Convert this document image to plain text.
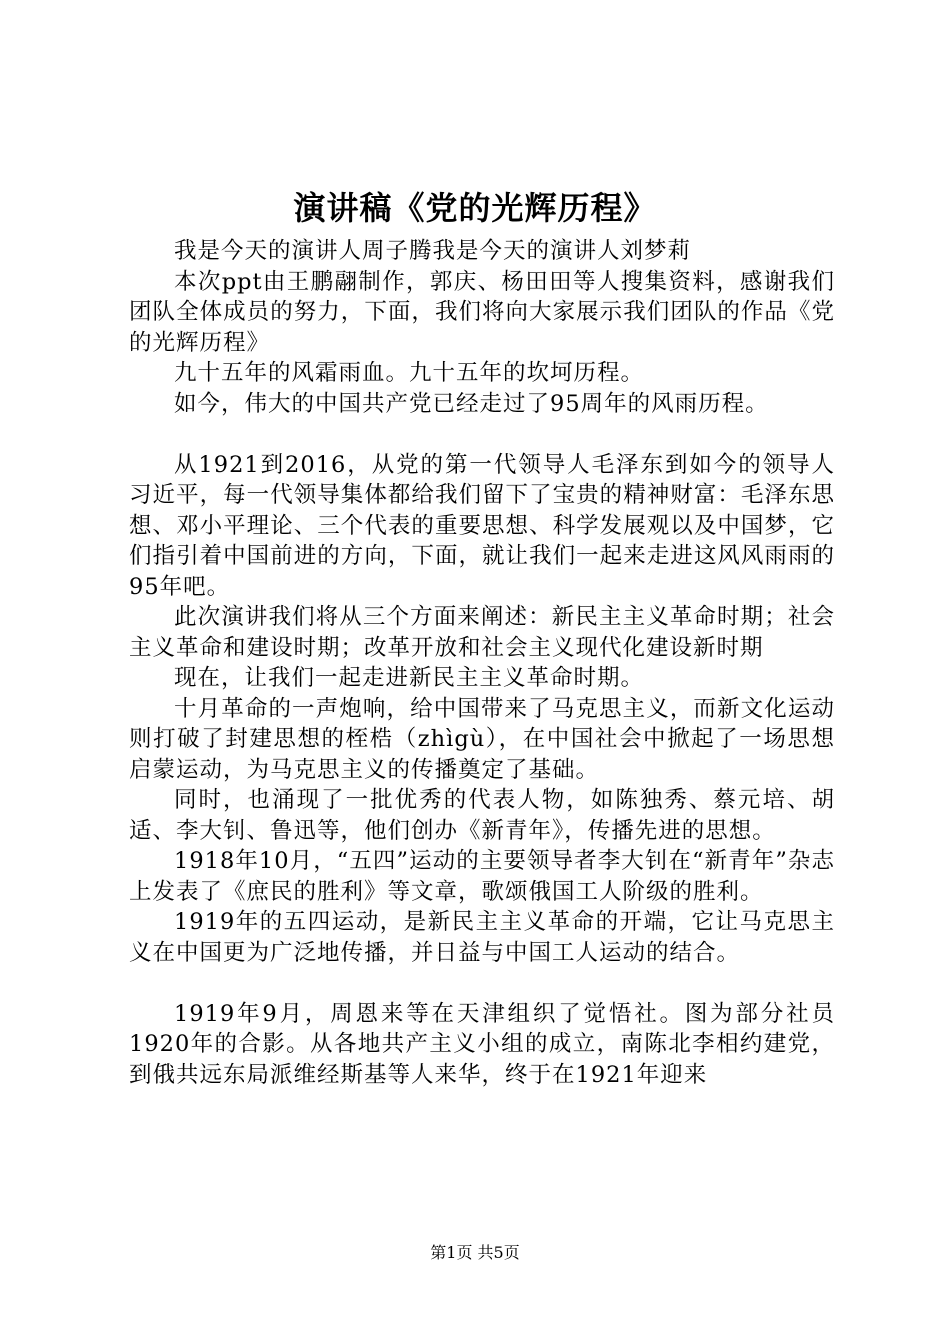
演讲稿《党的光辉历程》

我是今天的演讲人周子腾我是今天的演讲人刘梦莉

本次ppt由王鹏翮制作，郭庆、杨田田等人搜集资料，感谢我们团队全体成员的努力，下面，我们将向大家展示我们团队的作品《党的光辉历程》

九十五年的风霜雨血。九十五年的坎坷历程。

如今，伟大的中国共产党已经走过了95周年的风雨历程。

从1921到2016，从党的第一代领导人毛泽东到如今的领导人习近平，每一代领导集体都给我们留下了宝贵的精神财富：毛泽东思想、邓小平理论、三个代表的重要思想、科学发展观以及中国梦，它们指引着中国前进的方向，下面，就让我们一起来走进这风风雨雨的95年吧。

此次演讲我们将从三个方面来阐述：新民主主义革命时期；社会主义革命和建设时期；改革开放和社会主义现代化建设新时期

现在，让我们一起走进新民主主义革命时期。

十月革命的一声炮响，给中国带来了马克思主义，而新文化运动则打破了封建思想的桎梏（zhìgù），在中国社会中掀起了一场思想启蒙运动，为马克思主义的传播奠定了基础。

同时，也涌现了一批优秀的代表人物，如陈独秀、蔡元培、胡适、李大钊、鲁迅等，他们创办《新青年》，传播先进的思想。

1918年10月，“五四”运动的主要领导者李大钊在“新青年”杂志上发表了《庶民的胜利》等文章，歌颂俄国工人阶级的胜利。

1919年的五四运动，是新民主主义革命的开端，它让马克思主义在中国更为广泛地传播，并日益与中国工人运动的结合。

1919年9月，周恩来等在天津组织了觉悟社。图为部分社员1920年的合影。从各地共产主义小组的成立，南陈北李相约建党，到俄共远东局派维经斯基等人来华，终于在1921年迎来

第1页 共5页
